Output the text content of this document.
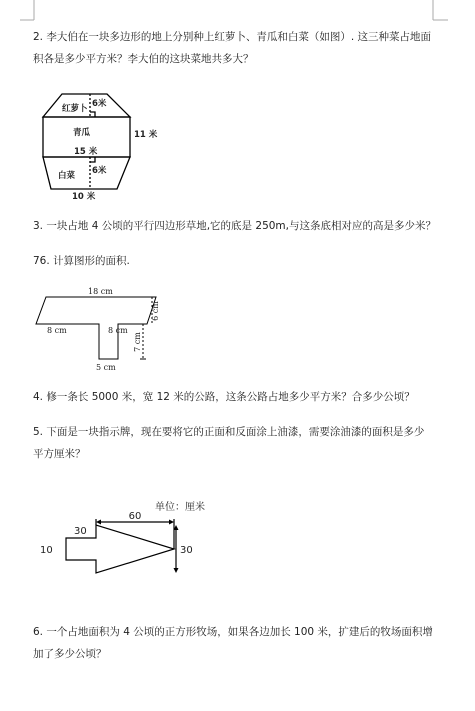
2. 李大伯在一块多边形的地上分别种上红萝卜、青瓜和白菜（如图）. 这三种菜占地面
积各是多少平方米？李大伯的这块菜地共多大？
红萝卜 6米
青瓜	11 米
15 米
6米
白菜
10 米
3. 一块占地 4 公顷的平行四边形草地,它的底是 250m,与这条底相对应的高是多少米？
76. 计算图形的面积.
18 cm
8 cm	8 cm
6 cm
7 cm
5 cm
4. 修一条长 5000 米，宽 12 米的公路，这条公路占地多少平方米？合多少公顷？
5. 下面是一块指示牌，现在要将它的正面和反面涂上油漆，需要涂油漆的面积是多少
平方厘米？
单位：厘米
60
30
10	30
6. 一个占地面积为 4 公顷的正方形牧场，如果各边加长 100 米，扩建后的牧场面积增
加了多少公顷？
